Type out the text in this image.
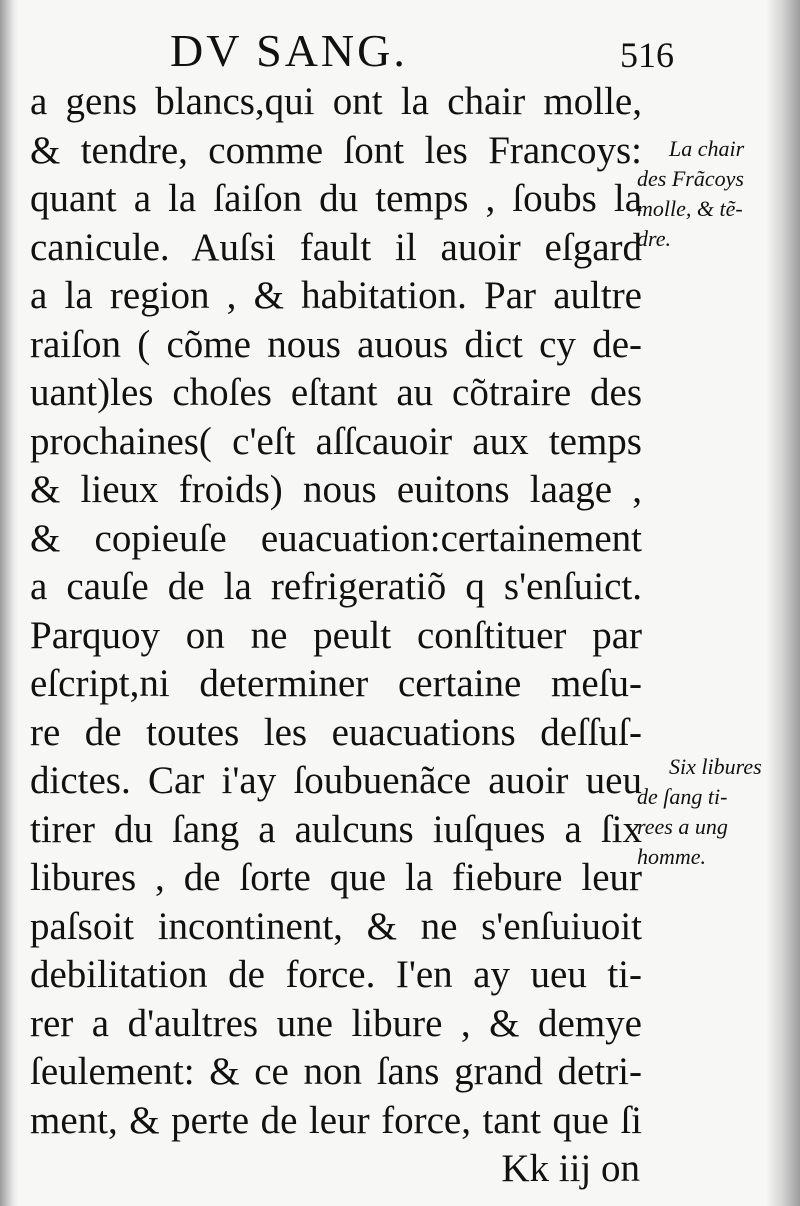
DV SANG.	516
a gens blancs,qui ont la chair molle,
& tendre, comme ſont les Francoys:
quant a la ſaiſon du temps , ſoubs la
canicule. Auſsi fault il auoir eſgard
a la region , & habitation. Par aultre
raiſon ( cõme nous auous dict cy de-
uant)les choſes eſtant au cõtraire des
prochaines( c'eſt aſſcauoir aux temps
& lieux froids) nous euitons laage ,
& copieuſe euacuation:certainement
a cauſe de la refrigeratiõ q s'enſuict.
Parquoy on ne peult conſtituer par
eſcript,ni determiner certaine meſu-
re de toutes les euacuations deſſuſ-
dictes. Car i'ay ſoubuenãce auoir ueu
tirer du ſang a aulcuns iuſques a ſix
libures , de ſorte que la fiebure leur
paſsoit incontinent, & ne s'enſuiuoit
debilitation de force. I'en ay ueu ti-
rer a d'aultres une libure , & demye
ſeulement: & ce non ſans grand detri-
ment, & perte de leur force, tant que ſi
Kk iij on
La chair
des Frãcoys
molle, & tẽ-
dre.
Six libures
de ſang ti-
rees a ung
homme.
